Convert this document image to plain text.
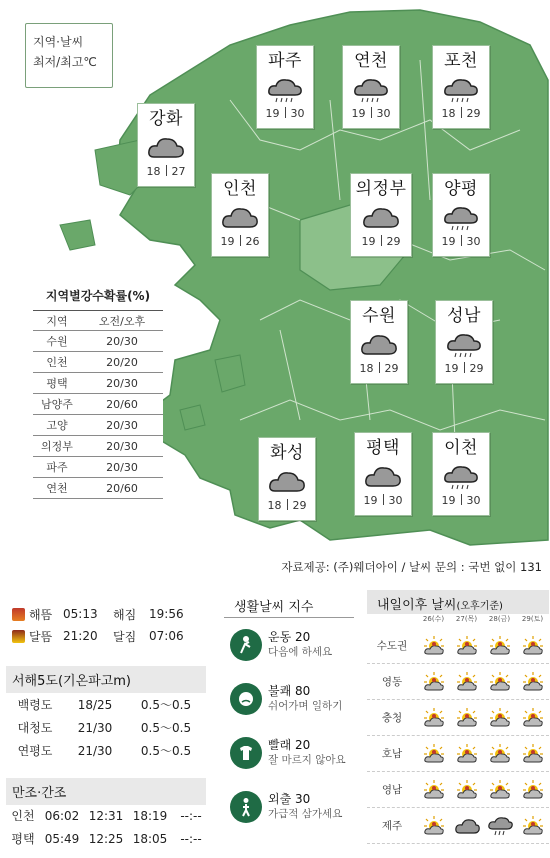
지역·날씨
최저/최고℃	파주
19 30
연천
19 30
포천
18 29
강화
18 27
인천
19 26
의정부
19 29
양평
19 30
수원
18 29
성남
19 29
화성
18 29
평택
19 30
이천
19 30
지역별강수확률(%)
지역	오전/오후
수원	20/30
인천	20/20
평택	20/30
남양주	20/60
고양	20/30
의정부	20/30
파주	20/30
연천	20/60
자료제공: (주)웨더아이 / 날씨 문의 : 국번 없이 131
해뜸 05:13	해짐	19:56
달뜸 21:20	달짐	07:06
서해5도(기온파고m)
백령도	18/25	0.5～0.5
대청도	21/30	0.5～0.5
연평도	21/30	0.5～0.5
만조·간조
인천 06:02 12:31 18:19	--:--
평택 05:49 12:25 18:05	--:--
생활날씨 지수
운동 20
다음에 하세요
불쾌 80
쉬어가며 일하기
빨래 20
잘 마르지 않아요
외출 30
가급적 삼가세요
내일이후 날씨(오후기준)
26(수)	27(목)	28(금)	29(토)
수도권
영동
충청
호남
영남
제주
